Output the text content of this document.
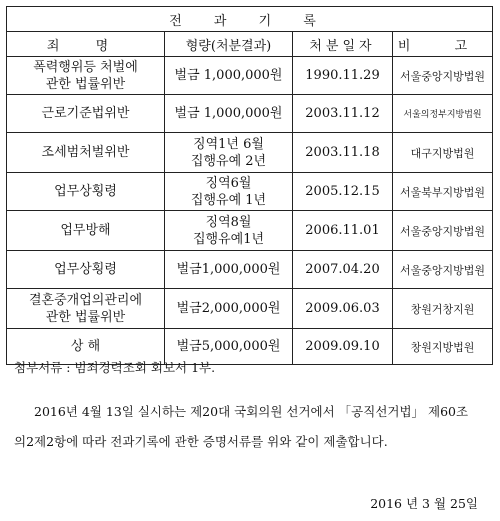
전 과 기 록			
죄 명	형량(처분결과)	처분일자	비 고

폭력행위등 처벌에
관한 법률위반	벌금 1,000,000원	1990.11.29	서울중앙지방법원

근로기준법위반	벌금 1,000,000원	2003.11.12	서울의정부지방법원

조세범처벌위반	징역1년 6월
집행유예 2년	2003.11.18	대구지방법원

업무상횡령	징역6월
집행유예 1년	2005.12.15	서울북부지방법원

업무방해	징역8월
집행유예1년	2006.11.01	서울중앙지방법원

업무상횡령	벌금1,000,000원	2007.04.20	서울중앙지방법원

결혼중개업의관리에
관한 법률위반	벌금2,000,000원	2009.06.03	창원거창지원

상 해	벌금5,000,000원	2009.09.10	창원지방법원
첨부서류 : 범죄경력조회 회보서 1부.
2016년 4월 13일 실시하는 제20대 국회의원 선거에서 「공직선거법」 제60조
의2제2항에 따라 전과기록에 관한 증명서류를 위와 같이 제출합니다.
2016 년 3 월 25일
